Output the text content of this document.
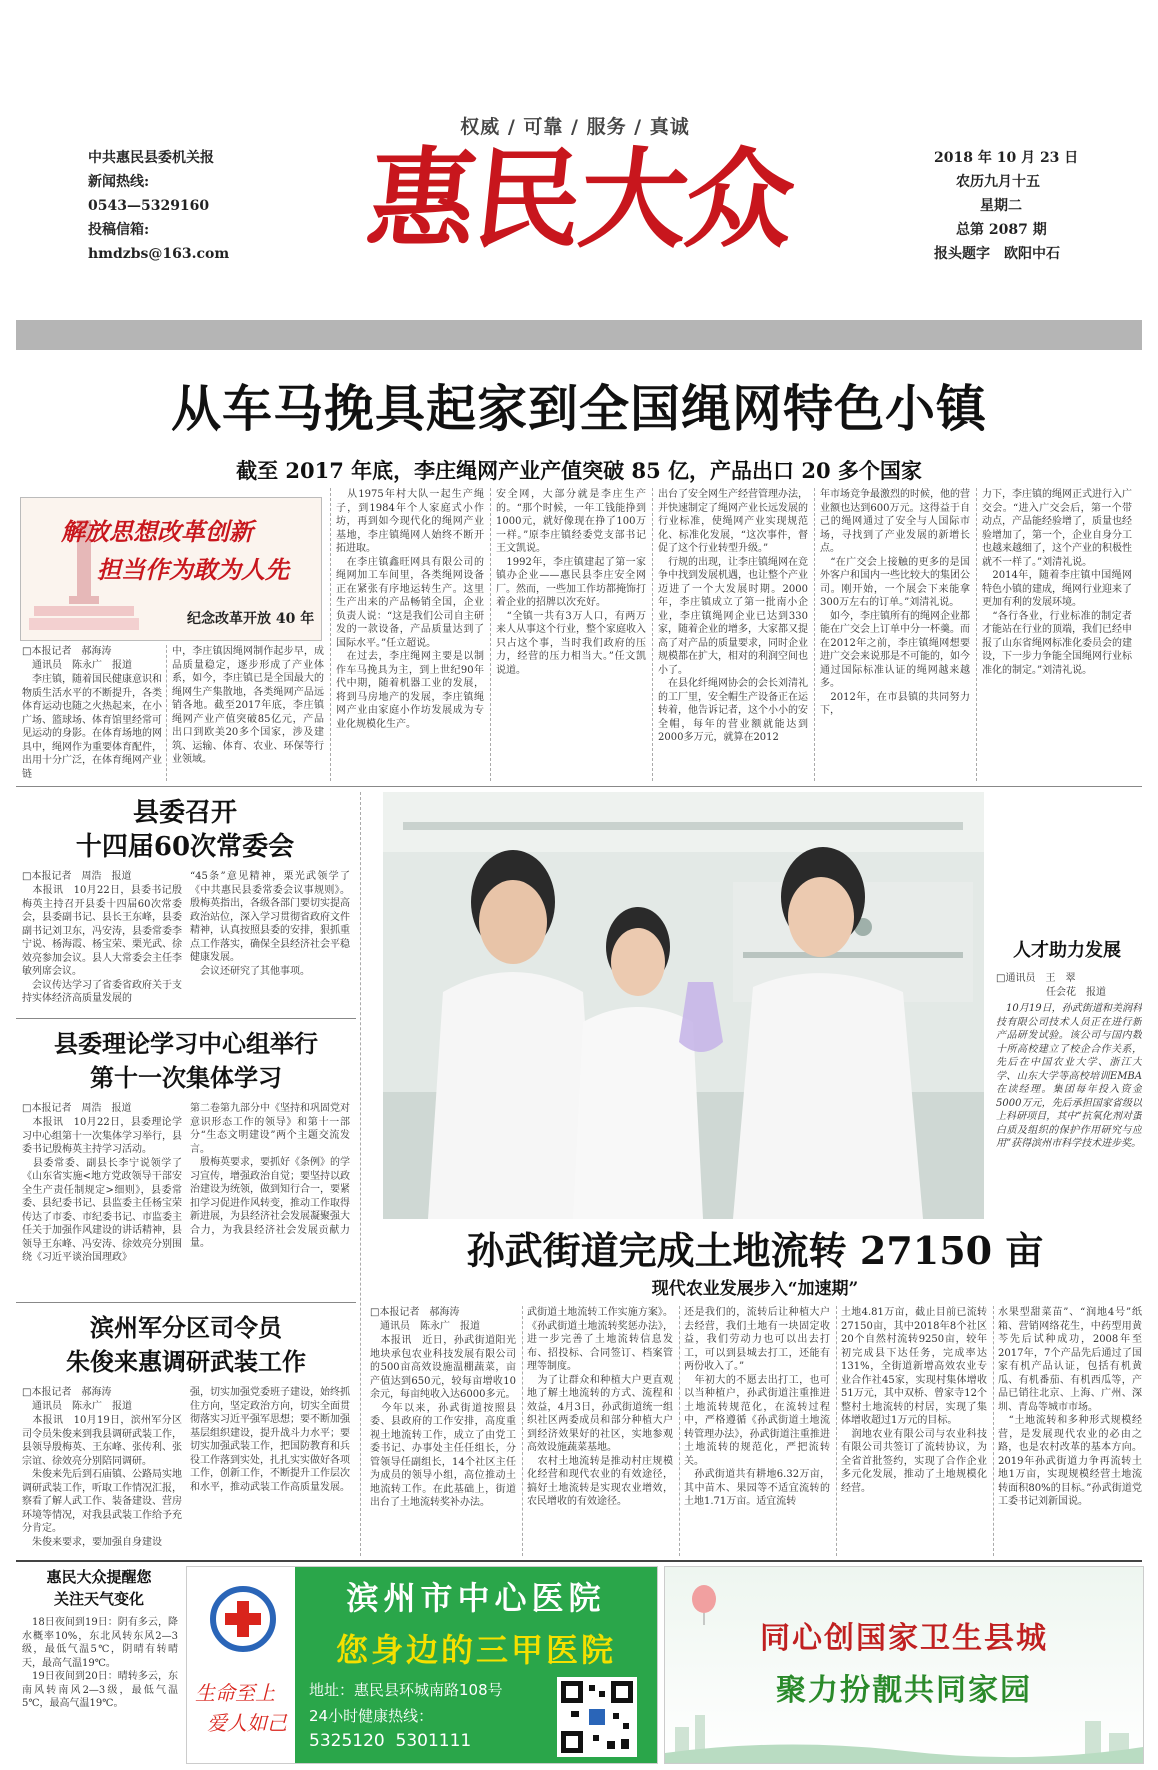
权威 / 可靠 / 服务 / 真诚
中共惠民县委机关报
新闻热线:
0543—5329160
投稿信箱:
hmdzbs@163.com	惠民大众	2018 年 10 月 23 日
农历九月十五
星期二
总第 2087 期
报头题字　欧阳中石
从车马挽具起家到全国绳网特色小镇
截至 2017 年底，李庄绳网产业产值突破 85 亿，产品出口 20 多个国家
解放思想改革创新
担当作为敢为人先
纪念改革开放 40 年
□本报记者　郝海涛
　通讯员　陈永广　报道
　李庄镇，随着国民健康意识和物质生活水平的不断提升，各类体育运动也随之火热起来，在小广场、篮球场、体育馆里经常可见运动的身影。在体育场地的网具中，绳网作为重要体育配件，出用十分广泛，在体育绳网产业链
中，李庄镇因绳网制作起步早，成品质量稳定，逐步形成了产业体系，如今，李庄镇已是全国最大的绳网生产集散地，各类绳网产品远销各地。截至2017年底，李庄镇绳网产业产值突破85亿元，产品出口到欧美20多个国家，涉及建筑、运输、体育、农业、环保等行业领域。
　从1975年村大队一起生产绳子，到1984年个人家庭式小作坊，再到如今现代化的绳网产业基地，李庄镇绳网人始终不断开拓进取。
　在李庄镇鑫旺网具有限公司的绳网加工车间里，各类绳网设备正在紧张有序地运转生产。这里生产出来的产品畅销全国，企业负责人说：“这是我们公司自主研发的一款设备，产品质量达到了国际水平。”任立超说。
　在过去，李庄绳网主要是以制作车马挽具为主，到上世纪90年代中期，随着机器工业的发展，将到马房地产的发展，李庄镇绳网产业由家庭小作坊发展成为专业化规模化生产。
安全网，大部分就是李庄生产的。“那个时候，一年工钱能挣到1000元，就好像现在挣了100万一样。”原李庄镇经委党支部书记王文凯说。
　1992年，李庄镇建起了第一家镇办企业——惠民县李庄安全网厂。然而，一些加工作坊都掩饰打着企业的招牌以次充好。
　“全镇一共有3万人口，有两万来人从事这个行业，整个家庭收入只占这个事，当时我们政府的压力，经营的压力相当大。”任文凯说道。
出台了安全网生产经营管理办法，并快速制定了绳网产业长远发展的行业标准，使绳网产业实现规范化、标准化发展，“这次事件，督促了这个行业转型升级。”
　行规的出现，让李庄镇绳网在竞争中找到发展机遇，也让整个产业迈进了一个大发展时期。2000年，李庄镇成立了第一批南小企业，李庄镇绳网企业已达到330家，随着企业的增多，大家都又提高了对产品的质量要求，同时企业规模都在扩大，相对的利润空间也小了。
　在县化纤绳网协会的会长刘清礼的工厂里，安全帽生产设备正在运转着，他告诉记者，这个小小的安全帽，每年的营业额就能达到2000多万元，就算在2012
年市场竞争最激烈的时候，他的营业额也达到600万元。这得益于自己的绳网通过了安全与人国际市场，寻找到了产业发展的新增长点。
　“在广交会上接触的更多的是国外客户和国内一些比较大的集团公司。刚开始，一个展会下来能拿300万左右的订单。”刘清礼说。
　如今，李庄镇所有的绳网企业都能在广交会上订单中分一杯羹。而在2012年之前，李庄镇绳网想要进广交会来说那是不可能的，如今通过国际标准认证的绳网越来越多。
　2012年，在市县镇的共同努力下，
力下，李庄镇的绳网正式进行入广交会。“进入广交会后，第一个带动点，产品能经验增了，质量也经验增加了，第一个，企业自身分工也越来越细了，这个产业的积极性就不一样了。”刘清礼说。
　2014年，随着李庄镇中国绳网特色小镇的建成，绳网行业迎来了更加有利的发展环境。
　“各行各业，行业标准的制定者才能站在行业的顶端，我们已经申报了山东省绳网标准化委员会的建设，下一步力争能全国绳网行业标准化的制定。”刘清礼说。
县委召开
十四届60次常委会
□本报记者　周浩　报道
　本报讯　10月22日，县委书记殷梅英主持召开县委十四届60次常委会，县委副书记、县长王东峰，县委副书记刘卫东，冯安涛，县委常委李宁说、杨海霞、杨宝荣、栗光武、徐效亮参加会议。县人大常委会主任李敏列席会议。
　会议传达学习了省委省政府关于支持实体经济高质量发展的
“45条”意见精神，栗光武领学了《中共惠民县委常委会议事规则》。殷梅英指出，各级各部门要切实提高政治站位，深入学习贯彻省政府文件精神，认真按照县委的安排，狠抓重点工作落实，确保全县经济社会平稳健康发展。
　会议还研究了其他事项。
县委理论学习中心组举行
第十一次集体学习
□本报记者　周浩　报道
　本报讯　10月22日，县委理论学习中心组第十一次集体学习举行，县委书记殷梅英主持学习活动。
　县委常委、副县长李宁说领学了《山东省实施<地方党政领导干部安全生产责任制规定>细则》，县委常委、县纪委书记、县监委主任杨宝荣传达了市委、市纪委书记、市监委主任关于加强作风建设的讲话精神，县领导王东峰、冯安涛、徐效亮分别围绕《习近平谈治国理政》
第二卷第九部分中《坚持和巩固党对意识形态工作的领导》和第十一部分“生态文明建设”两个主题交流发言。
　殷梅英要求，要抓好《条例》的学习宣传，增强政治自觉；要坚持以政治建设为统领，做到知行合一，要紧扣学习促进作风转变，推动工作取得新进展，为县经济社会发展凝聚强大合力，为我县经济社会发展贡献力量。
滨州军分区司令员
朱俊来惠调研武装工作
□本报记者　郝海涛
　通讯员　陈永广　报道
　本报讯　10月19日，滨州军分区司令员朱俊来到我县调研武装工作，县领导殷梅英、王东峰、张传利、张宗谊、徐效亮分别陪同调研。
　朱俊来先后到石庙镇、公路局实地调研武装工作，听取工作情况汇报，察看了解人武工作、装备建设、营房环境等情况，对我县武装工作给予充分肯定。
　朱俊来要求，要加强自身建设
强，切实加强党委班子建设，始终抓住方向，坚定政治方向，切实全面贯彻落实习近平强军思想；要不断加强基层组织建设，提升战斗力水平；要切实加强武装工作，把国防教育和兵役工作落到实处，扎扎实实做好各项工作，创新工作，不断提升工作层次和水平，推动武装工作高质量发展。
人才助力发展
□通讯员　王　翠
　　　　　任会花　报道
　10月19日，孙武街道和美润科技有限公司技术人员正在进行新产品研发试验。该公司与国内数十所高校建立了校企合作关系，先后在中国农业大学、浙江大学、山东大学等高校培训EMBA在读经理。集团每年投入资金5000万元，先后承担国家省级以上科研项目，其中“抗氧化剂对蛋白质及组织的保护作用研究与应用”获得滨州市科学技术进步奖。
孙武街道完成土地流转 27150 亩
现代农业发展步入“加速期”
□本报记者　郝海涛
　通讯员　陈永广　报道
　本报讯　近日，孙武街道阳光地块承包农业科技发展有限公司的500亩高效设施温棚蔬菜，亩产值达到650元，较每亩增收10余元，每亩纯收入达6000多元。
　今年以来，孙武街道按照县委、县政府的工作安排，高度重视土地流转工作，成立了由党工委书记、办事处主任任组长，分管领导任副组长，14个社区主任为成员的领导小组，高位推动土地流转工作。在此基础上，街道出台了土地流转奖补办法。
武街道土地流转工作实施方案》。《孙武街道土地流转奖惩办法》，进一步完善了土地流转信息发布、招投标、合同签订、档案管理等制度。
　为了让群众和种植大户更直观地了解土地流转的方式、流程和效益，4月3日，孙武街道统一组织社区两委成员和部分种植大户到经济效果好的社区，实地参观高效设施蔬菜基地。
　农村土地流转是推动村庄规模化经营和现代农业的有效途径，搞好土地流转是实现农业增效，农民增收的有效途径。
还是我们的，流转后让种植大户去经营，我们土地有一块固定收益，我们劳动力也可以出去打工，可以到县城去打工，还能有两份收入了。”
　年初大的不愿去出打工，也可以当种植户，孙武街道注重推进土地流转规范化，在流转过程中，严格遵循《孙武街道土地流转管理办法》，孙武街道注重推进土地流转的规范化，严把流转关。
　孙武街道共有耕地6.32万亩，其中苗木、果园等不适宜流转的土地1.71万亩。适宜流转
土地4.81万亩，截止目前已流转27150亩，其中2018年8个社区20个自然村流转9250亩，较年初完成县下达任务，完成率达131%，全街道新增高效农业专业合作社45家，实现村集体增收51万元，其中双桥、曾家寺12个整村土地流转的村居，实现了集体增收超过1万元的目标。
　润地农业有限公司与农业科技有限公司共签订了流转协议，为全省首批签约，实现了合作企业多元化发展，推动了土地规模化经营。
水果型甜菜苗”、“润地4号”纸箱、营销网络花生，中药型用黄芩先后试种成功，2008年至2017年，7个产品先后通过了国家有机产品认证，包括有机黄瓜、有机番茄、有机西瓜等，产品已销往北京、上海、广州、深圳、青岛等城市市场。
　“土地流转和多种形式规模经营，是发展现代农业的必由之路，也是农村改革的基本方向。2019年孙武街道力争再流转土地1万亩，实现规模经营土地流转面积80%的目标。”孙武街道党工委书记刘新国说。
惠民大众提醒您
关注天气变化
　18日夜间到19日：阴有多云，降水概率10%，东北风转东风2—3级，最低气温5℃，阴晴有转晴天，最高气温19℃。
　19日夜间到20日：晴转多云，东南风转南风2—3级，最低气温5℃，最高气温19℃。
滨州市中心医院
您身边的三甲医院
生命至上
爱人如己
地址：惠民县环城南路108号
24小时健康热线：
5325120  5301111
同心创国家卫生县城
聚力扮靓共同家园
